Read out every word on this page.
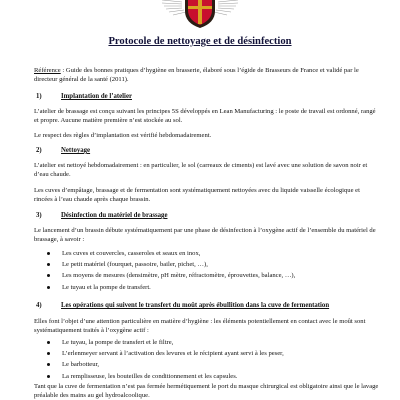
Protocole de nettoyage et de désinfection
Référence : Guide des bonnes pratiques d’hygiène en brasserie, élaboré sous l’égide de Brasseurs de France et validé par le directeur général de la santé (2011).
1)	Implantation de l’atelier
L’atelier de brassage est conçu suivant les principes 5S développés en Lean Manufacturing : le poste de travail est ordonné, rangé et propre. Aucune matière première n’est stockée au sol.
Le respect des règles d’implantation est vérifié hebdomadairement.
2)	Nettoyage
L’atelier est nettoyé hebdomadairement : en particulier, le sol (carreaux de ciments) est lavé avec une solution de savon noir et d’eau chaude.
Les cuves d’empâtage, brassage et de fermentation sont systématiquement nettoyées avec du liquide vaisselle écologique et rincées à l’eau chaude après chaque brassin.
3)	Désinfection du matériel de brassage
Le lancement d’un brassin débute systématiquement par une phase de désinfection à l’oxygène actif de l’ensemble du matériel de brassage, à savoir :
Les cuves et couvercles, casseroles et seaux en inox,
Le petit matériel (fourquet, passoire, bailer, pichet, …),
Les moyens de mesures (densimètre, pH mètre, réfractomètre, éprouvettes, balance, …),
Le tuyau et la pompe de transfert.
4)	Les opérations qui suivent le transfert du moût après ébullition dans la cuve de fermentation
Elles font l’objet d’une attention particulière en matière d’hygiène : les éléments potentiellement en contact avec le moût sont systématiquement traités à l’oxygène actif :
Le tuyau, la pompe de transfert et le filtre,
L’erlenmeyer servant à l’activation des levures et le récipient ayant servi à les peser,
Le barbotteur,
La remplisseuse, les bouteilles de conditionnement et les capsules.
Tant que la cuve de fermentation n’est pas fermée hermétiquement le port du masque chirurgical est obligatoire ainsi que le lavage préalable des mains au gel hydroalcoolique.
